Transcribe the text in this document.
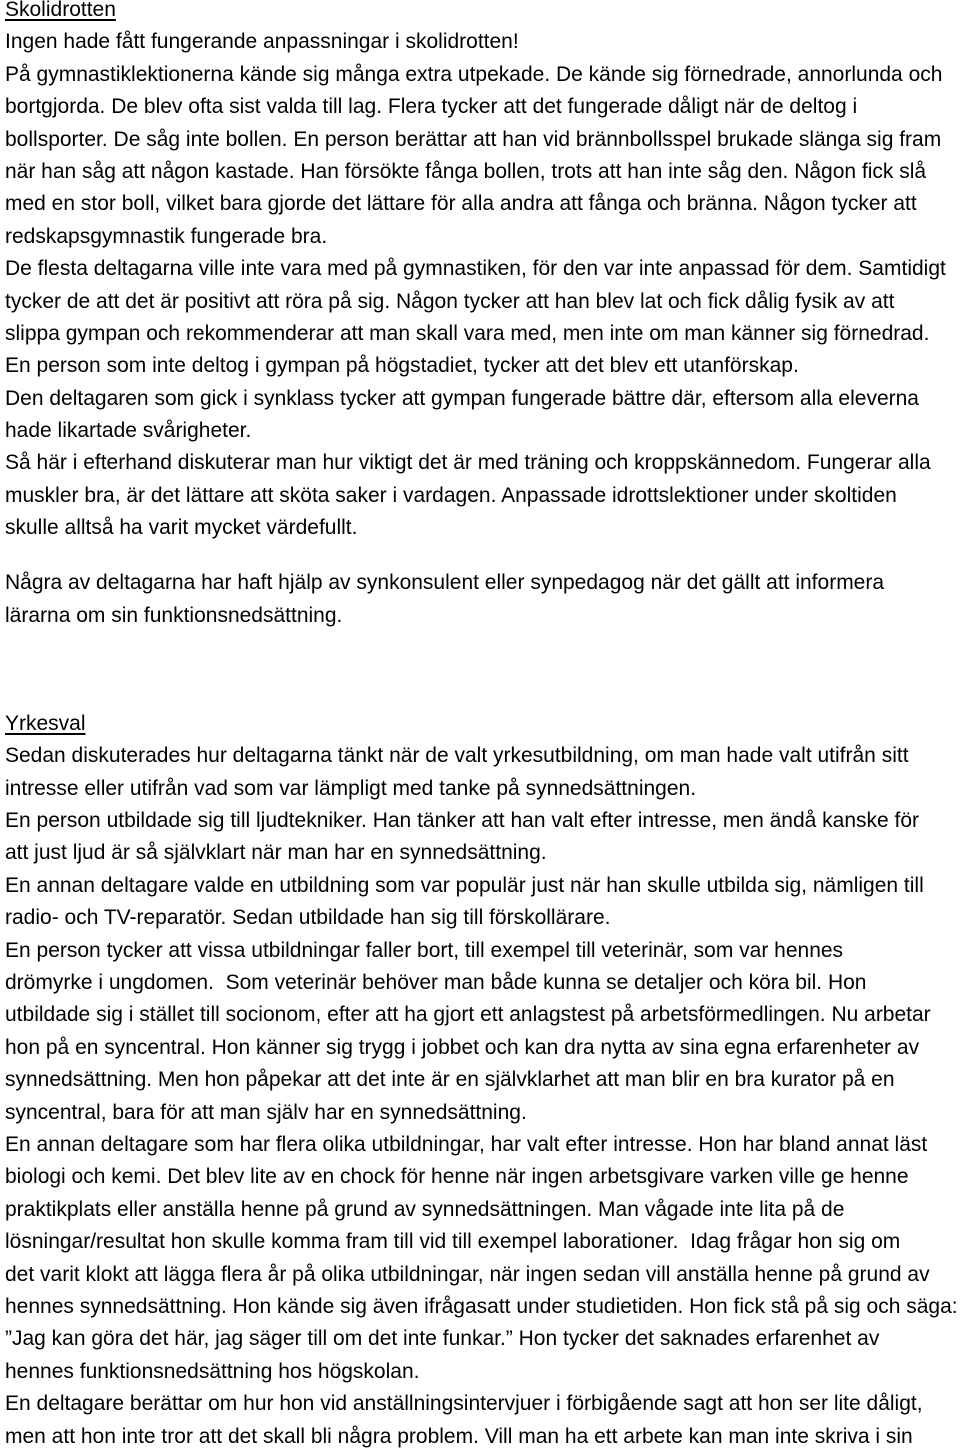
Skolidrotten
Ingen hade fått fungerande anpassningar i skolidrotten!
På gymnastiklektionerna kände sig många extra utpekade. De kände sig förnedrade, annorlunda och
bortgjorda. De blev ofta sist valda till lag. Flera tycker att det fungerade dåligt när de deltog i
bollsporter. De såg inte bollen. En person berättar att han vid brännbollsspel brukade slänga sig fram
när han såg att någon kastade. Han försökte fånga bollen, trots att han inte såg den. Någon fick slå
med en stor boll, vilket bara gjorde det lättare för alla andra att fånga och bränna. Någon tycker att
redskapsgymnastik fungerade bra.
De flesta deltagarna ville inte vara med på gymnastiken, för den var inte anpassad för dem. Samtidigt
tycker de att det är positivt att röra på sig. Någon tycker att han blev lat och fick dålig fysik av att
slippa gympan och rekommenderar att man skall vara med, men inte om man känner sig förnedrad.
En person som inte deltog i gympan på högstadiet, tycker att det blev ett utanförskap.
Den deltagaren som gick i synklass tycker att gympan fungerade bättre där, eftersom alla eleverna
hade likartade svårigheter.
Så här i efterhand diskuterar man hur viktigt det är med träning och kroppskännedom. Fungerar alla
muskler bra, är det lättare att sköta saker i vardagen. Anpassade idrottslektioner under skoltiden
skulle alltså ha varit mycket värdefullt.
Några av deltagarna har haft hjälp av synkonsulent eller synpedagog när det gällt att informera
lärarna om sin funktionsnedsättning.
Yrkesval
Sedan diskuterades hur deltagarna tänkt när de valt yrkesutbildning, om man hade valt utifrån sitt
intresse eller utifrån vad som var lämpligt med tanke på synnedsättningen.
En person utbildade sig till ljudtekniker. Han tänker att han valt efter intresse, men ändå kanske för
att just ljud är så självklart när man har en synnedsättning.
En annan deltagare valde en utbildning som var populär just när han skulle utbilda sig, nämligen till
radio- och TV-reparatör. Sedan utbildade han sig till förskollärare.
En person tycker att vissa utbildningar faller bort, till exempel till veterinär, som var hennes
drömyrke i ungdomen.  Som veterinär behöver man både kunna se detaljer och köra bil. Hon
utbildade sig i stället till socionom, efter att ha gjort ett anlagstest på arbetsförmedlingen. Nu arbetar
hon på en syncentral. Hon känner sig trygg i jobbet och kan dra nytta av sina egna erfarenheter av
synnedsättning. Men hon påpekar att det inte är en självklarhet att man blir en bra kurator på en
syncentral, bara för att man själv har en synnedsättning.
En annan deltagare som har flera olika utbildningar, har valt efter intresse. Hon har bland annat läst
biologi och kemi. Det blev lite av en chock för henne när ingen arbetsgivare varken ville ge henne
praktikplats eller anställa henne på grund av synnedsättningen. Man vågade inte lita på de
lösningar/resultat hon skulle komma fram till vid till exempel laborationer.  Idag frågar hon sig om
det varit klokt att lägga flera år på olika utbildningar, när ingen sedan vill anställa henne på grund av
hennes synnedsättning. Hon kände sig även ifrågasatt under studietiden. Hon fick stå på sig och säga:
”Jag kan göra det här, jag säger till om det inte funkar.” Hon tycker det saknades erfarenhet av
hennes funktionsnedsättning hos högskolan.
En deltagare berättar om hur hon vid anställningsintervjuer i förbigående sagt att hon ser lite dåligt,
men att hon inte tror att det skall bli några problem. Vill man ha ett arbete kan man inte skriva i sin
